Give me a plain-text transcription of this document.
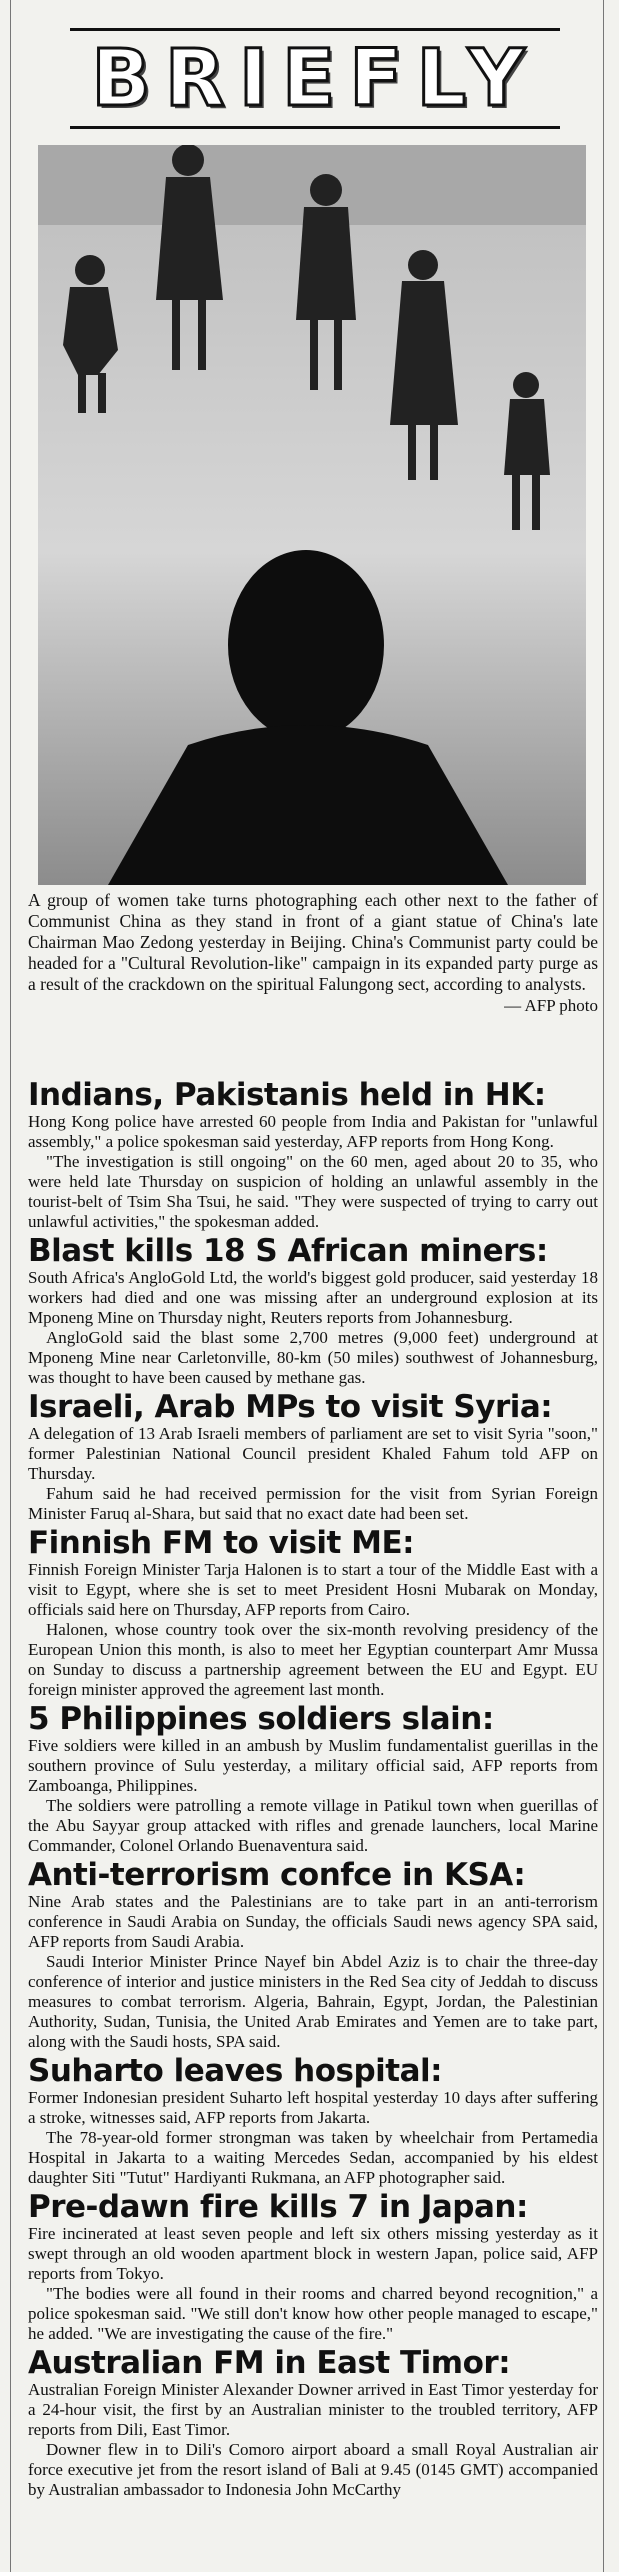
BRIEFLY
A group of women take turns photographing each other next to the father of Communist China as they stand in front of a giant statue of China's late Chairman Mao Zedong yesterday in Beijing. China's Communist party could be headed for a "Cultural Revolution-like" campaign in its expanded party purge as a result of the crackdown on the spiritual Falungong sect, according to analysts.
— AFP photo
Indians, Pakistanis held in HK:
Hong Kong police have arrested 60 people from India and Pakistan for "unlawful assembly," a police spokesman said yesterday, AFP reports from Hong Kong.

"The investigation is still ongoing" on the 60 men, aged about 20 to 35, who were held late Thursday on suspicion of holding an unlawful assembly in the tourist-belt of Tsim Sha Tsui, he said. "They were suspected of trying to carry out unlawful activities," the spokesman added.

Blast kills 18 S African miners:
South Africa's AngloGold Ltd, the world's biggest gold producer, said yesterday 18 workers had died and one was missing after an underground explosion at its Mponeng Mine on Thursday night, Reuters reports from Johannesburg.

AngloGold said the blast some 2,700 metres (9,000 feet) underground at Mponeng Mine near Carletonville, 80-km (50 miles) southwest of Johannesburg, was thought to have been caused by methane gas.

Israeli, Arab MPs to visit Syria:
A delegation of 13 Arab Israeli members of parliament are set to visit Syria "soon," former Palestinian National Council president Khaled Fahum told AFP on Thursday.

Fahum said he had received permission for the visit from Syrian Foreign Minister Faruq al-Shara, but said that no exact date had been set.

Finnish FM to visit ME:
Finnish Foreign Minister Tarja Halonen is to start a tour of the Middle East with a visit to Egypt, where she is set to meet President Hosni Mubarak on Monday, officials said here on Thursday, AFP reports from Cairo.

Halonen, whose country took over the six-month revolving presidency of the European Union this month, is also to meet her Egyptian counterpart Amr Mussa on Sunday to discuss a partnership agreement between the EU and Egypt. EU foreign minister approved the agreement last month.

5 Philippines soldiers slain:
Five soldiers were killed in an ambush by Muslim fundamentalist guerillas in the southern province of Sulu yesterday, a military official said, AFP reports from Zamboanga, Philippines.

The soldiers were patrolling a remote village in Patikul town when guerillas of the Abu Sayyar group attacked with rifles and grenade launchers, local Marine Commander, Colonel Orlando Buenaventura said.

Anti-terrorism confce in KSA:
Nine Arab states and the Palestinians are to take part in an anti-terrorism conference in Saudi Arabia on Sunday, the officials Saudi news agency SPA said, AFP reports from Saudi Arabia.

Saudi Interior Minister Prince Nayef bin Abdel Aziz is to chair the three-day conference of interior and justice ministers in the Red Sea city of Jeddah to discuss measures to combat terrorism. Algeria, Bahrain, Egypt, Jordan, the Palestinian Authority, Sudan, Tunisia, the United Arab Emirates and Yemen are to take part, along with the Saudi hosts, SPA said.

Suharto leaves hospital:
Former Indonesian president Suharto left hospital yesterday 10 days after suffering a stroke, witnesses said, AFP reports from Jakarta.

The 78-year-old former strongman was taken by wheelchair from Pertamedia Hospital in Jakarta to a waiting Mercedes Sedan, accompanied by his eldest daughter Siti "Tutut" Hardiyanti Rukmana, an AFP photographer said.

Pre-dawn fire kills 7 in Japan:
Fire incinerated at least seven people and left six others missing yesterday as it swept through an old wooden apartment block in western Japan, police said, AFP reports from Tokyo.

"The bodies were all found in their rooms and charred beyond recognition," a police spokesman said. "We still don't know how other people managed to escape," he added. "We are investigating the cause of the fire."

Australian FM in East Timor:
Australian Foreign Minister Alexander Downer arrived in East Timor yesterday for a 24-hour visit, the first by an Australian minister to the troubled territory, AFP reports from Dili, East Timor.

Downer flew in to Dili's Comoro airport aboard a small Royal Australian air force executive jet from the resort island of Bali at 9.45 (0145 GMT) accompanied by Australian ambassador to Indonesia John McCarthy
